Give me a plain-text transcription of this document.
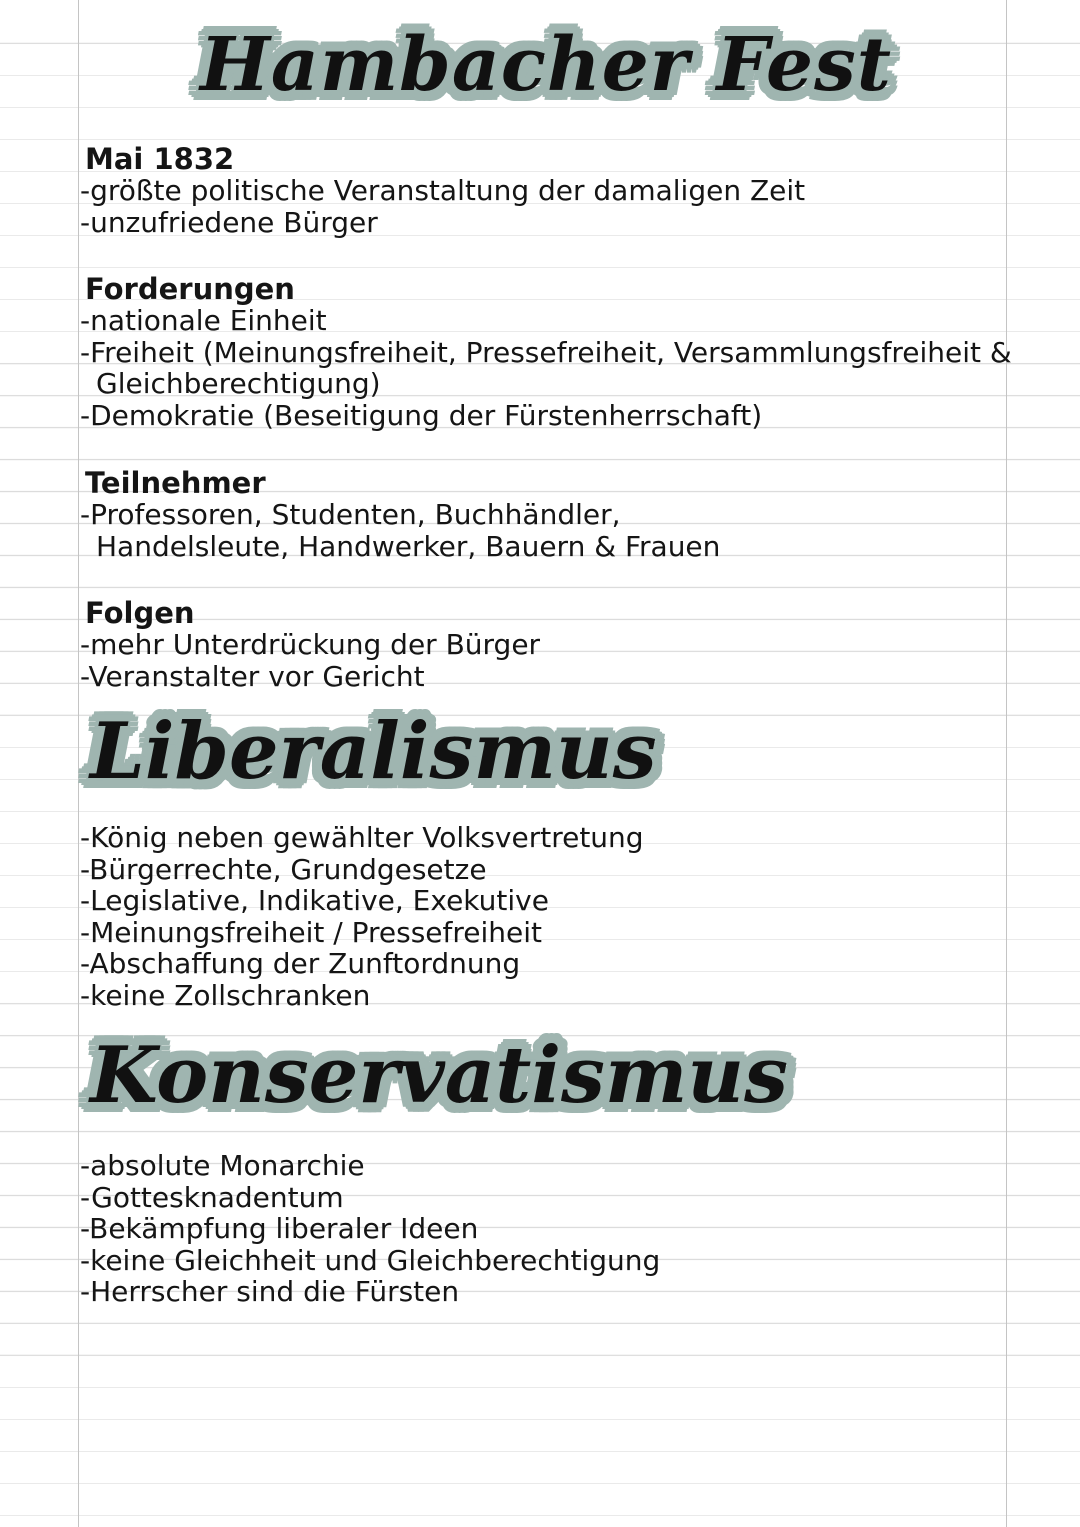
Hambacher Fest
Mai 1832
-größte politische Veranstaltung der damaligen Zeit
-unzufriedene Bürger
Forderungen
-nationale Einheit
-Freiheit (Meinungsfreiheit, Pressefreiheit, Versammlungsfreiheit &
Gleichberechtigung)
-Demokratie (Beseitigung der Fürstenherrschaft)
Teilnehmer
-Professoren, Studenten, Buchhändler,
Handelsleute, Handwerker, Bauern & Frauen
Folgen
-mehr Unterdrückung der Bürger
-Veranstalter vor Gericht
Liberalismus
-König neben gewählter Volksvertretung
-Bürgerrechte, Grundgesetze
-Legislative, Indikative, Exekutive
-Meinungsfreiheit / Pressefreiheit
-Abschaffung der Zunftordnung
-keine Zollschranken
Konservatismus
-absolute Monarchie
-Gottesknadentum
-Bekämpfung liberaler Ideen
-keine Gleichheit und Gleichberechtigung
-Herrscher sind die Fürsten
